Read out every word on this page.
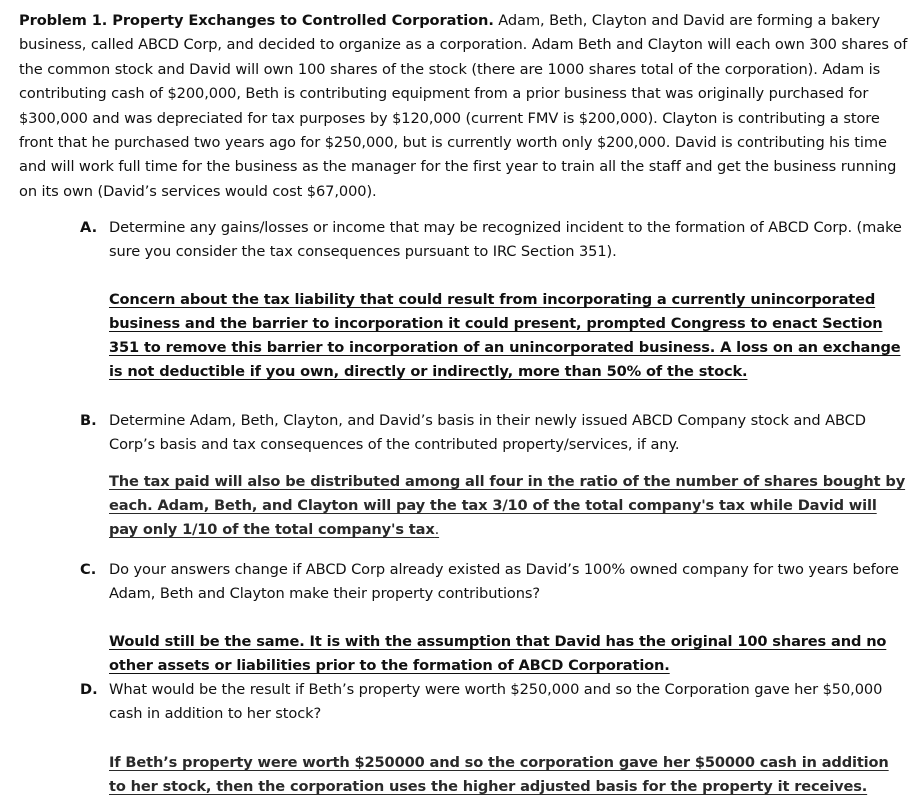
Problem 1. Property Exchanges to Controlled Corporation. Adam, Beth, Clayton and David are forming a bakery business, called ABCD Corp, and decided to organize as a corporation. Adam Beth and Clayton will each own 300 shares of the common stock and David will own 100 shares of the stock (there are 1000 shares total of the corporation). Adam is contributing cash of $200,000, Beth is contributing equipment from a prior business that was originally purchased for $300,000 and was depreciated for tax purposes by $120,000 (current FMV is $200,000). Clayton is contributing a store front that he purchased two years ago for $250,000, but is currently worth only $200,000. David is contributing his time and will work full time for the business as the manager for the first year to train all the staff and get the business running on its own (David’s services would cost $67,000).
A. Determine any gains/losses or income that may be recognized incident to the formation of ABCD Corp. (make sure you consider the tax consequences pursuant to IRC Section 351).
Concern about the tax liability that could result from incorporating a currently unincorporated business and the barrier to incorporation it could present, prompted Congress to enact Section 351 to remove this barrier to incorporation of an unincorporated business. A loss on an exchange is not deductible if you own, directly or indirectly, more than 50% of the stock.
B. Determine Adam, Beth, Clayton, and David’s basis in their newly issued ABCD Company stock and ABCD Corp’s basis and tax consequences of the contributed property/services, if any.
The tax paid will also be distributed among all four in the ratio of the number of shares bought by each. Adam, Beth, and Clayton will pay the tax 3/10 of the total company's tax while David will pay only 1/10 of the total company's tax.
C. Do your answers change if ABCD Corp already existed as David’s 100% owned company for two years before Adam, Beth and Clayton make their property contributions?
Would still be the same. It is with the assumption that David has the original 100 shares and no other assets or liabilities prior to the formation of ABCD Corporation.
D. What would be the result if Beth’s property were worth $250,000 and so the Corporation gave her $50,000 cash in addition to her stock?
If Beth’s property were worth $250000 and so the corporation gave her $50000 cash in addition to her stock, then the corporation uses the higher adjusted basis for the property it receives.
